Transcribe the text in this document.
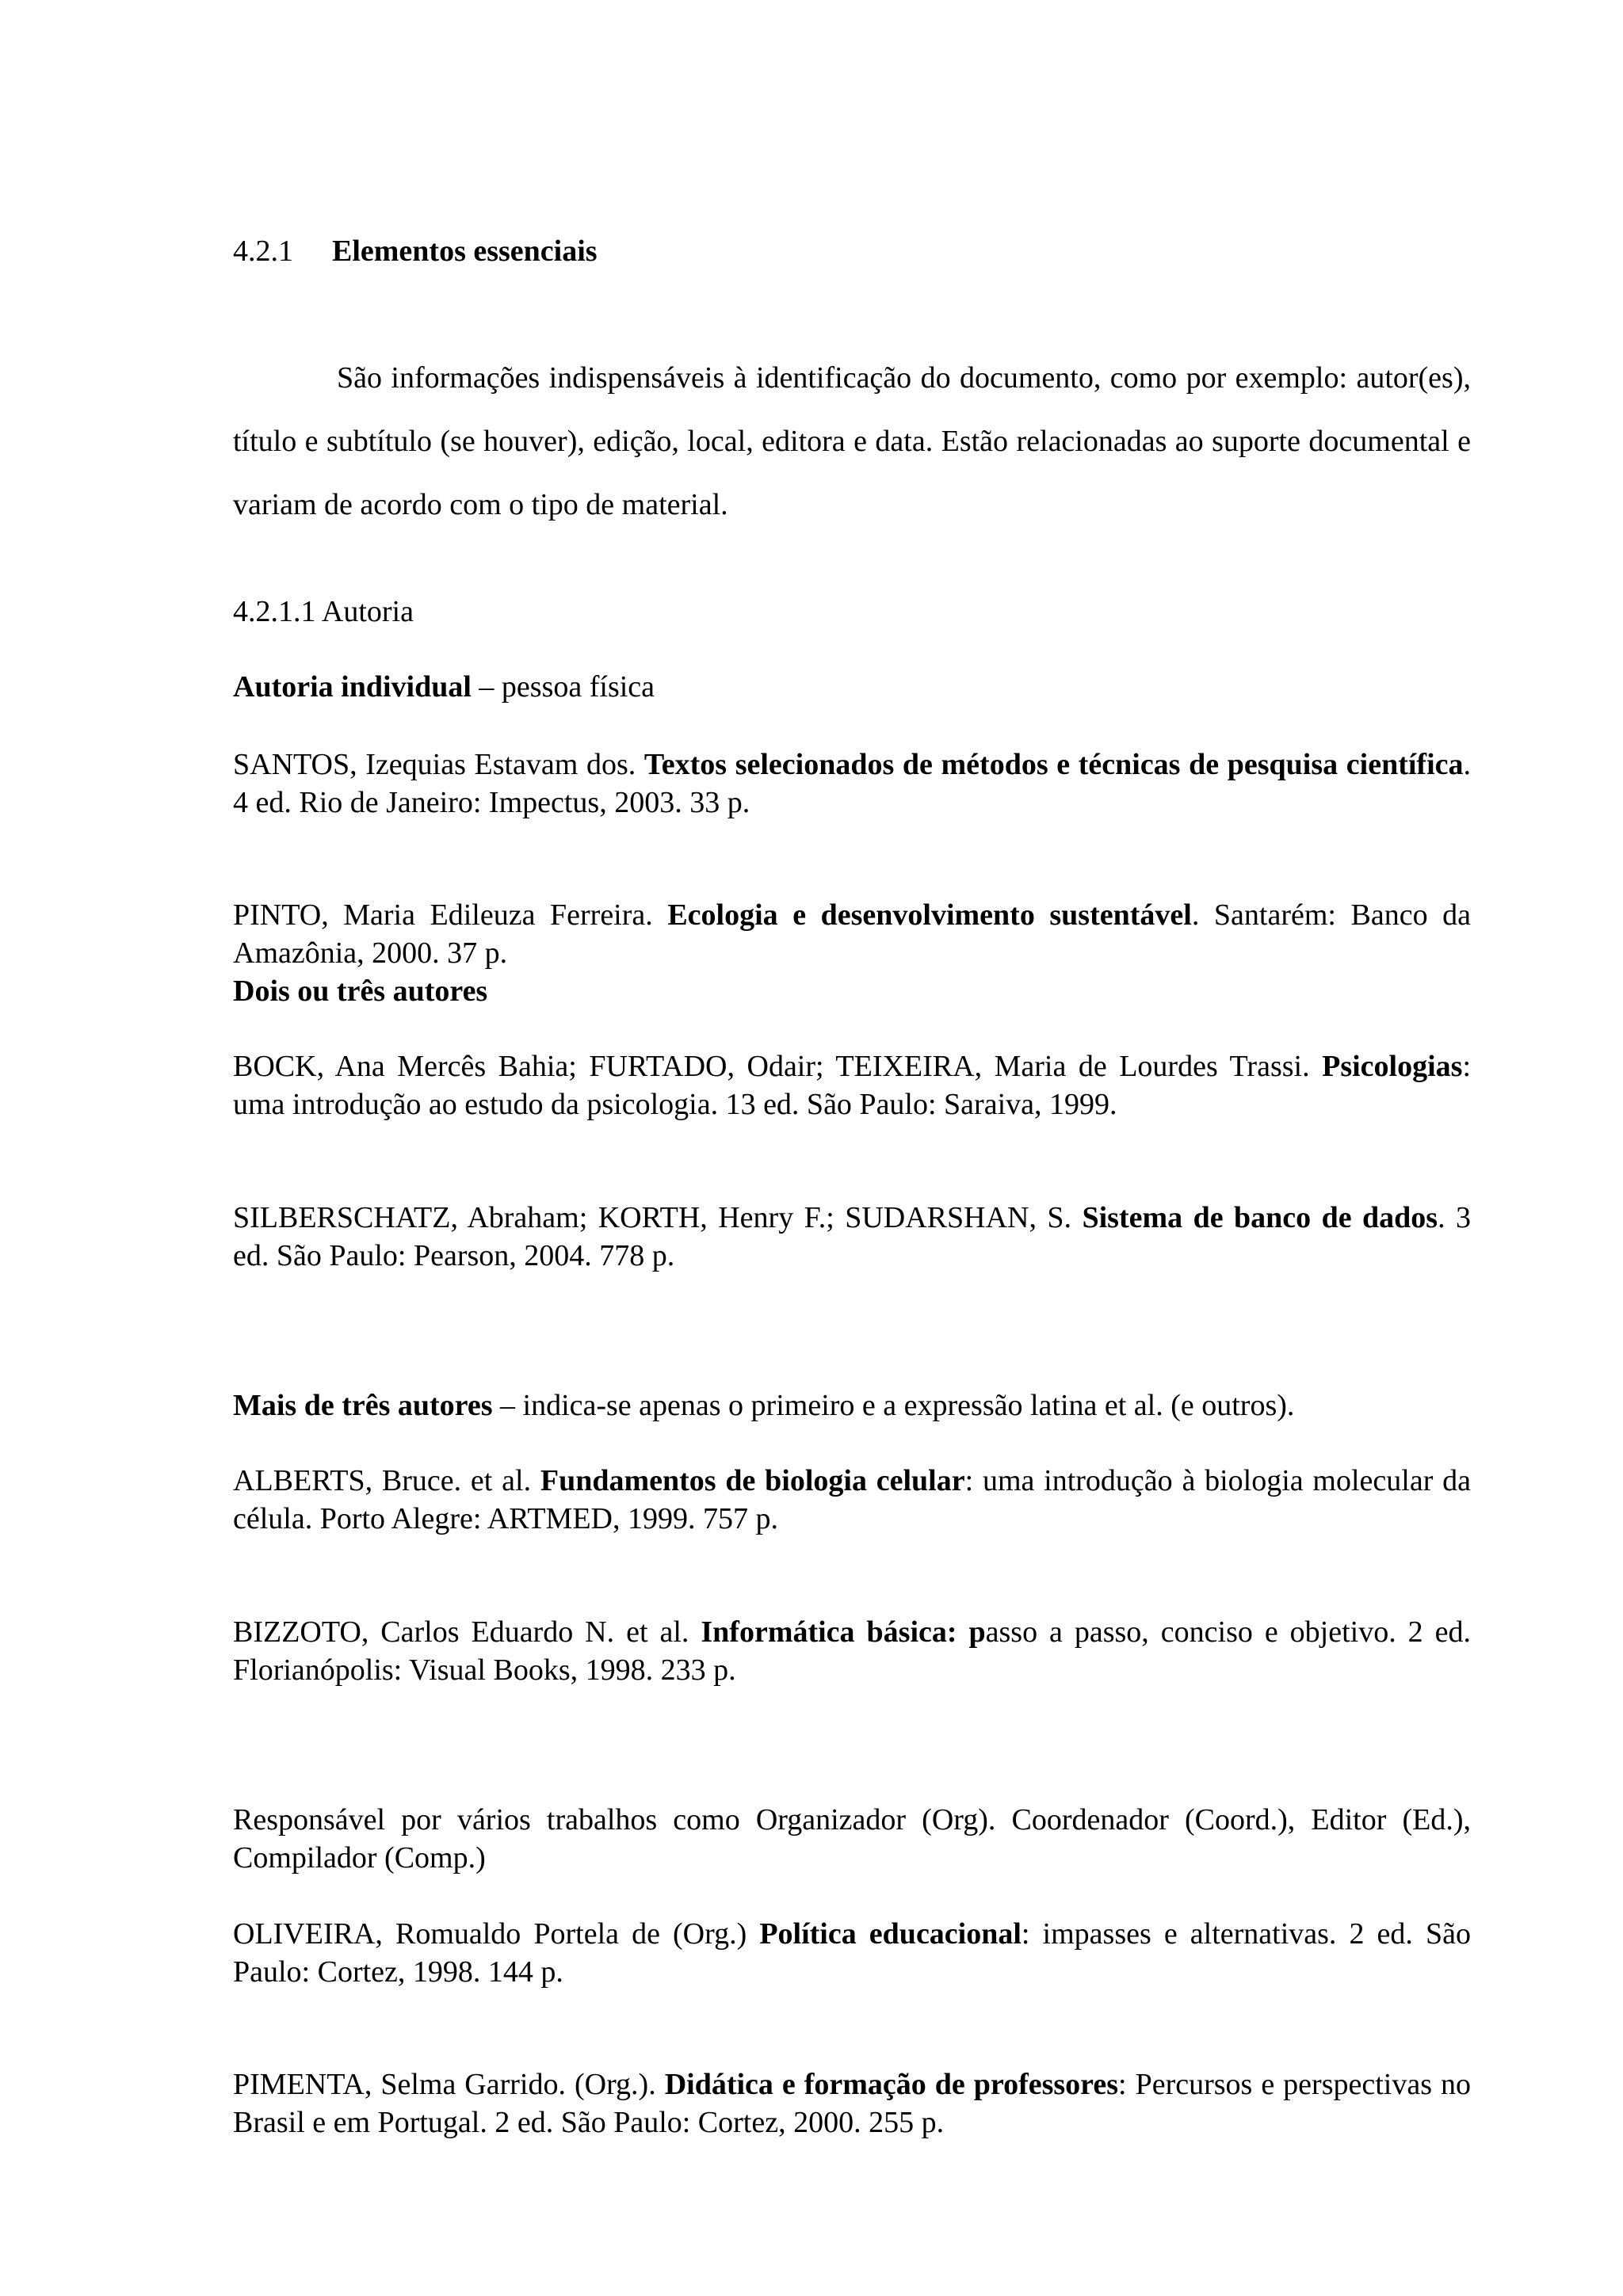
4.2.1 Elementos essenciais

São informações indispensáveis à identificação do documento, como por exemplo: autor(es), título e subtítulo (se houver), edição, local, editora e data. Estão relacionadas ao suporte documental e variam de acordo com o tipo de material.

4.2.1.1 Autoria

Autoria individual – pessoa física

SANTOS, Izequias Estavam dos. Textos selecionados de métodos e técnicas de pesquisa científica. 4 ed. Rio de Janeiro: Impectus, 2003. 33 p.

PINTO, Maria Edileuza Ferreira. Ecologia e desenvolvimento sustentável. Santarém: Banco da Amazônia, 2000. 37 p.

Dois ou três autores

BOCK, Ana Mercês Bahia; FURTADO, Odair; TEIXEIRA, Maria de Lourdes Trassi. Psicologias: uma introdução ao estudo da psicologia. 13 ed. São Paulo: Saraiva, 1999.

SILBERSCHATZ, Abraham; KORTH, Henry F.; SUDARSHAN, S. Sistema de banco de dados. 3 ed. São Paulo: Pearson, 2004. 778 p.

Mais de três autores – indica-se apenas o primeiro e a expressão latina et al. (e outros).

ALBERTS, Bruce. et al. Fundamentos de biologia celular: uma introdução à biologia molecular da célula. Porto Alegre: ARTMED, 1999. 757 p.

BIZZOTO, Carlos Eduardo N. et al. Informática básica: passo a passo, conciso e objetivo. 2 ed. Florianópolis: Visual Books, 1998. 233 p.

Responsável por vários trabalhos como Organizador (Org). Coordenador (Coord.), Editor (Ed.), Compilador (Comp.)

OLIVEIRA, Romualdo Portela de (Org.) Política educacional: impasses e alternativas. 2 ed. São Paulo: Cortez, 1998. 144 p.

PIMENTA, Selma Garrido. (Org.). Didática e formação de professores: Percursos e perspectivas no Brasil e em Portugal. 2 ed. São Paulo: Cortez, 2000. 255 p.
